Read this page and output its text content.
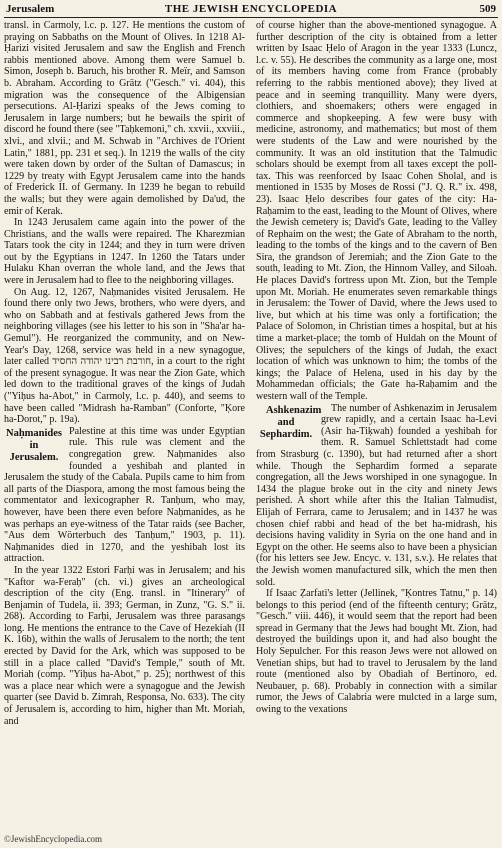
Jerusalem	THE JEWISH ENCYCLOPEDIA	509

transl. in Carmoly, l.c. p. 127. He mentions the custom of praying on Sabbaths on the Mount of Olives. In 1218 Al-Ḥarizi visited Jerusalem and saw the English and French rabbis mentioned above. Among them were Samuel b. Simon, Joseph b. Baruch, his brother R. Meïr, and Samson b. Abraham. According to Grätz ("Gesch." vi. 404), this migration was the consequence of the Albigensian persecutions. Al-Ḥarizi speaks of the Jews coming to Jerusalem in large numbers; but he bewails the spirit of discord he found there (see "Taḥkemoni," ch. xxvii., xxviii., xlvi., and xlvii.; and M. Schwab in "Archives de l'Orient Latin," 1881, pp. 231 et seq.). In 1219 the walls of the city were taken down by order of the Sultan of Damascus; in 1229 by treaty with Egypt Jerusalem came into the hands of Frederick II. of Germany. In 1239 he began to rebuild the walls; but they were again demolished by Da'ud, the emir of Kerak.

In 1243 Jerusalem came again into the power of the Christians, and the walls were repaired. The Kharezmian Tatars took the city in 1244; and they in turn were driven out by the Egyptians in 1247. In 1260 the Tatars under Hulaku Khan overran the whole land, and the Jews that were in Jerusalem had to flee to the neighboring villages.

On Aug. 12, 1267, Naḥmanides visited Jerusalem. He found there only two Jews, brothers, who were dyers, and who on Sabbath and at festivals gathered Jews from the neighboring villages (see his letter to his son in "Sha'ar ha-Gemul"). He reorganized the community, and on New-Year's Day, 1268, service was held in a new synagogue, later called חורבת רבינו יהודה החסיד, in a court to the right of the present synagogue. It was near the Zion Gate, which led down to the traditional graves of the kings of Judah ("Yiḥus ha-Abot," in Carmoly, l.c. p. 440), and seems to have been called "Midrash ha-Ramban" (Conforte, "Ḳore ha-Dorot," p. 19a).

Naḥmanides in Jerusalem.
Palestine at this time was under Egyptian rule. This rule was clement and the congregation grew. Naḥmanides also founded a yeshibah and planted in Jerusalem the study of the Cabala. Pupils came to him from all parts of the Diaspora, among the most famous being the commentator and lexicographer R. Tanḥum, who may, however, have been there even before Naḥmanides, as he was perhaps an eye-witness of the Tatar raids (see Bacher, "Aus dem Wörterbuch des Tanḥum," 1903, p. 11). Naḥmanides died in 1270, and the yeshibah lost its attraction.

In the year 1322 Estori Farḥi was in Jerusalem; and his "Kaftor wa-Feraḥ" (ch. vi.) gives an archeological description of the city (Eng. transl. in "Itinerary" of Benjamin of Tudela, ii. 393; German, in Zunz, "G. S." ii. 268). According to Farḥi, Jerusalem was three parasangs long. He mentions the entrance to the Cave of Hezekiah (II K. 16b), within the walls of Jerusalem to the north; the tent erected by David for the Ark, which was supposed to be still in a place called "David's Temple," south of Mt. Moriah (comp. "Yiḥus ha-Abot," p. 25); northwest of this was a place near which were a synagogue and the Jewish quarter (see David b. Zimrah, Responsa, No. 633). The city of Jerusalem is, according to him, higher than Mt. Moriah, and

of course higher than the above-mentioned synagogue. A further description of the city is obtained from a letter written by Isaac Ḥelo of Aragon in the year 1333 (Luncz, l.c. v. 55). He describes the community as a large one, most of its members having come from France (probably referring to the rabbis mentioned above); they lived at peace and in seeming tranquillity. Many were dyers, clothiers, and shoemakers; others were engaged in commerce and shopkeeping. A few were busy with medicine, astronomy, and mathematics; but most of them were students of the Law and were nourished by the community. It was an old institution that the Talmudic scholars should be exempt from all taxes except the poll-tax. This was reenforced by Isaac Cohen Sholal, and is mentioned in 1535 by Moses de Rossi ("J. Q. R." ix. 498, 23). Isaac Ḥelo describes four gates of the city: Ha-Raḥamim to the east, leading to the Mount of Olives, where the Jewish cemetery is; David's Gate, leading to the Valley of Rephaim on the west; the Gate of Abraham to the north, leading to the tombs of the kings and to the cavern of Ben Sira, the grandson of Jeremiah; and the Zion Gate to the south, leading to Mt. Zion, the Hinnom Valley, and Siloah. He places David's fortress upon Mt. Zion, but the Temple upon Mt. Moriah. He enumerates seven remarkable things in Jerusalem: the Tower of David, where the Jews used to live, but which at his time was only a fortification; the Palace of Solomon, in Christian times a hospital, but at his time a market-place; the tomb of Huldah on the Mount of Olives; the sepulchers of the kings of Judah, the exact location of which was unknown to him; the tombs of the kings; the Palace of Helena, used in his day by the Mohammedan officials; the Gate ha-Raḥamim and the western wall of the Temple.

Ashkenazim and Sephardim.
The number of Ashkenazim in Jerusalem grew rapidly, and a certain Isaac ha-Levi (Asir ha-Tiḳwah) founded a yeshibah for them. R. Samuel Schlettstadt had come from Strasburg (c. 1390), but had returned after a short while. Though the Sephardim formed a separate congregation, all the Jews worshiped in one synagogue. In 1434 the plague broke out in the city and ninety Jews perished. A short while after this the Italian Talmudist, Elijah of Ferrara, came to Jerusalem; and in 1437 he was chosen chief rabbi and head of the bet ha-midrash, his decisions having validity in Syria on the one hand and in Egypt on the other. He seems also to have been a physician (for his letters see Jew. Encyc. v. 131, s.v.). He relates that the Jewish women manufactured silk, which the men then sold.

If Isaac Ẓarfati's letter (Jellinek, "Ḳontres Tatnu," p. 14) belongs to this period (end of the fifteenth century; Grätz, "Gesch." viii. 446), it would seem that the report had been spread in Germany that the Jews had bought Mt. Zion, had destroyed the buildings upon it, and had also bought the Holy Sepulcher. For this reason Jews were not allowed on Venetian ships, but had to travel to Jerusalem by the land route (mentioned also by Obadiah of Bertinoro, ed. Neubauer, p. 68). Probably in connection with a similar rumor, the Jews of Calabria were mulcted in a large sum, owing to the vexations

©JewishEncyclopedia.com
